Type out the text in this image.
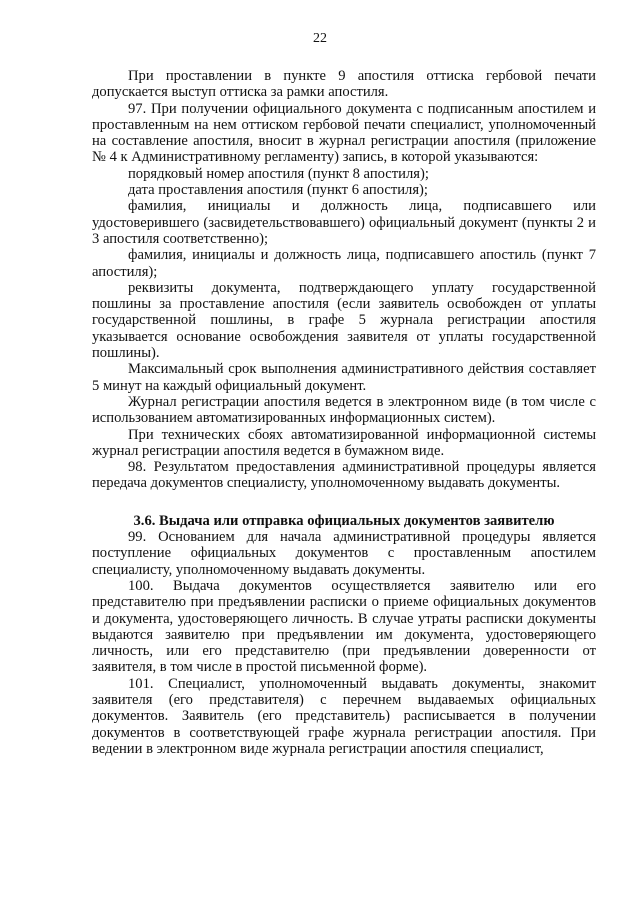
22

При проставлении в пункте 9 апостиля оттиска гербовой печати допускается выступ оттиска за рамки апостиля.

97. При получении официального документа с подписанным апостилем и проставленным на нем оттиском гербовой печати специалист, уполномоченный на составление апостиля, вносит в журнал регистрации апостиля (приложение № 4 к Административному регламенту) запись, в которой указываются:

порядковый номер апостиля (пункт 8 апостиля);

дата проставления апостиля (пункт 6 апостиля);

фамилия, инициалы и должность лица, подписавшего или удостоверившего (засвидетельствовавшего) официальный документ (пункты 2 и 3 апостиля соответственно);

фамилия, инициалы и должность лица, подписавшего апостиль (пункт 7 апостиля);

реквизиты документа, подтверждающего уплату государственной пошлины за проставление апостиля (если заявитель освобожден от уплаты государственной пошлины, в графе 5 журнала регистрации апостиля указывается основание освобождения заявителя от уплаты государственной пошлины).

Максимальный срок выполнения административного действия составляет 5 минут на каждый официальный документ.

Журнал регистрации апостиля ведется в электронном виде (в том числе с использованием автоматизированных информационных систем).

При технических сбоях автоматизированной информационной системы журнал регистрации апостиля ведется в бумажном виде.

98. Результатом предоставления административной процедуры является передача документов специалисту, уполномоченному выдавать документы.

3.6. Выдача или отправка официальных документов заявителю

99. Основанием для начала административной процедуры является поступление официальных документов с проставленным апостилем специалисту, уполномоченному выдавать документы.

100. Выдача документов осуществляется заявителю или его представителю при предъявлении расписки о приеме официальных документов и документа, удостоверяющего личность. В случае утраты расписки документы выдаются заявителю при предъявлении им документа, удостоверяющего личность, или его представителю (при предъявлении доверенности от заявителя, в том числе в простой письменной форме).

101. Специалист, уполномоченный выдавать документы, знакомит заявителя (его представителя) с перечнем выдаваемых официальных документов. Заявитель (его представитель) расписывается в получении документов в соответствующей графе журнала регистрации апостиля. При ведении в электронном виде журнала регистрации апостиля специалист,
